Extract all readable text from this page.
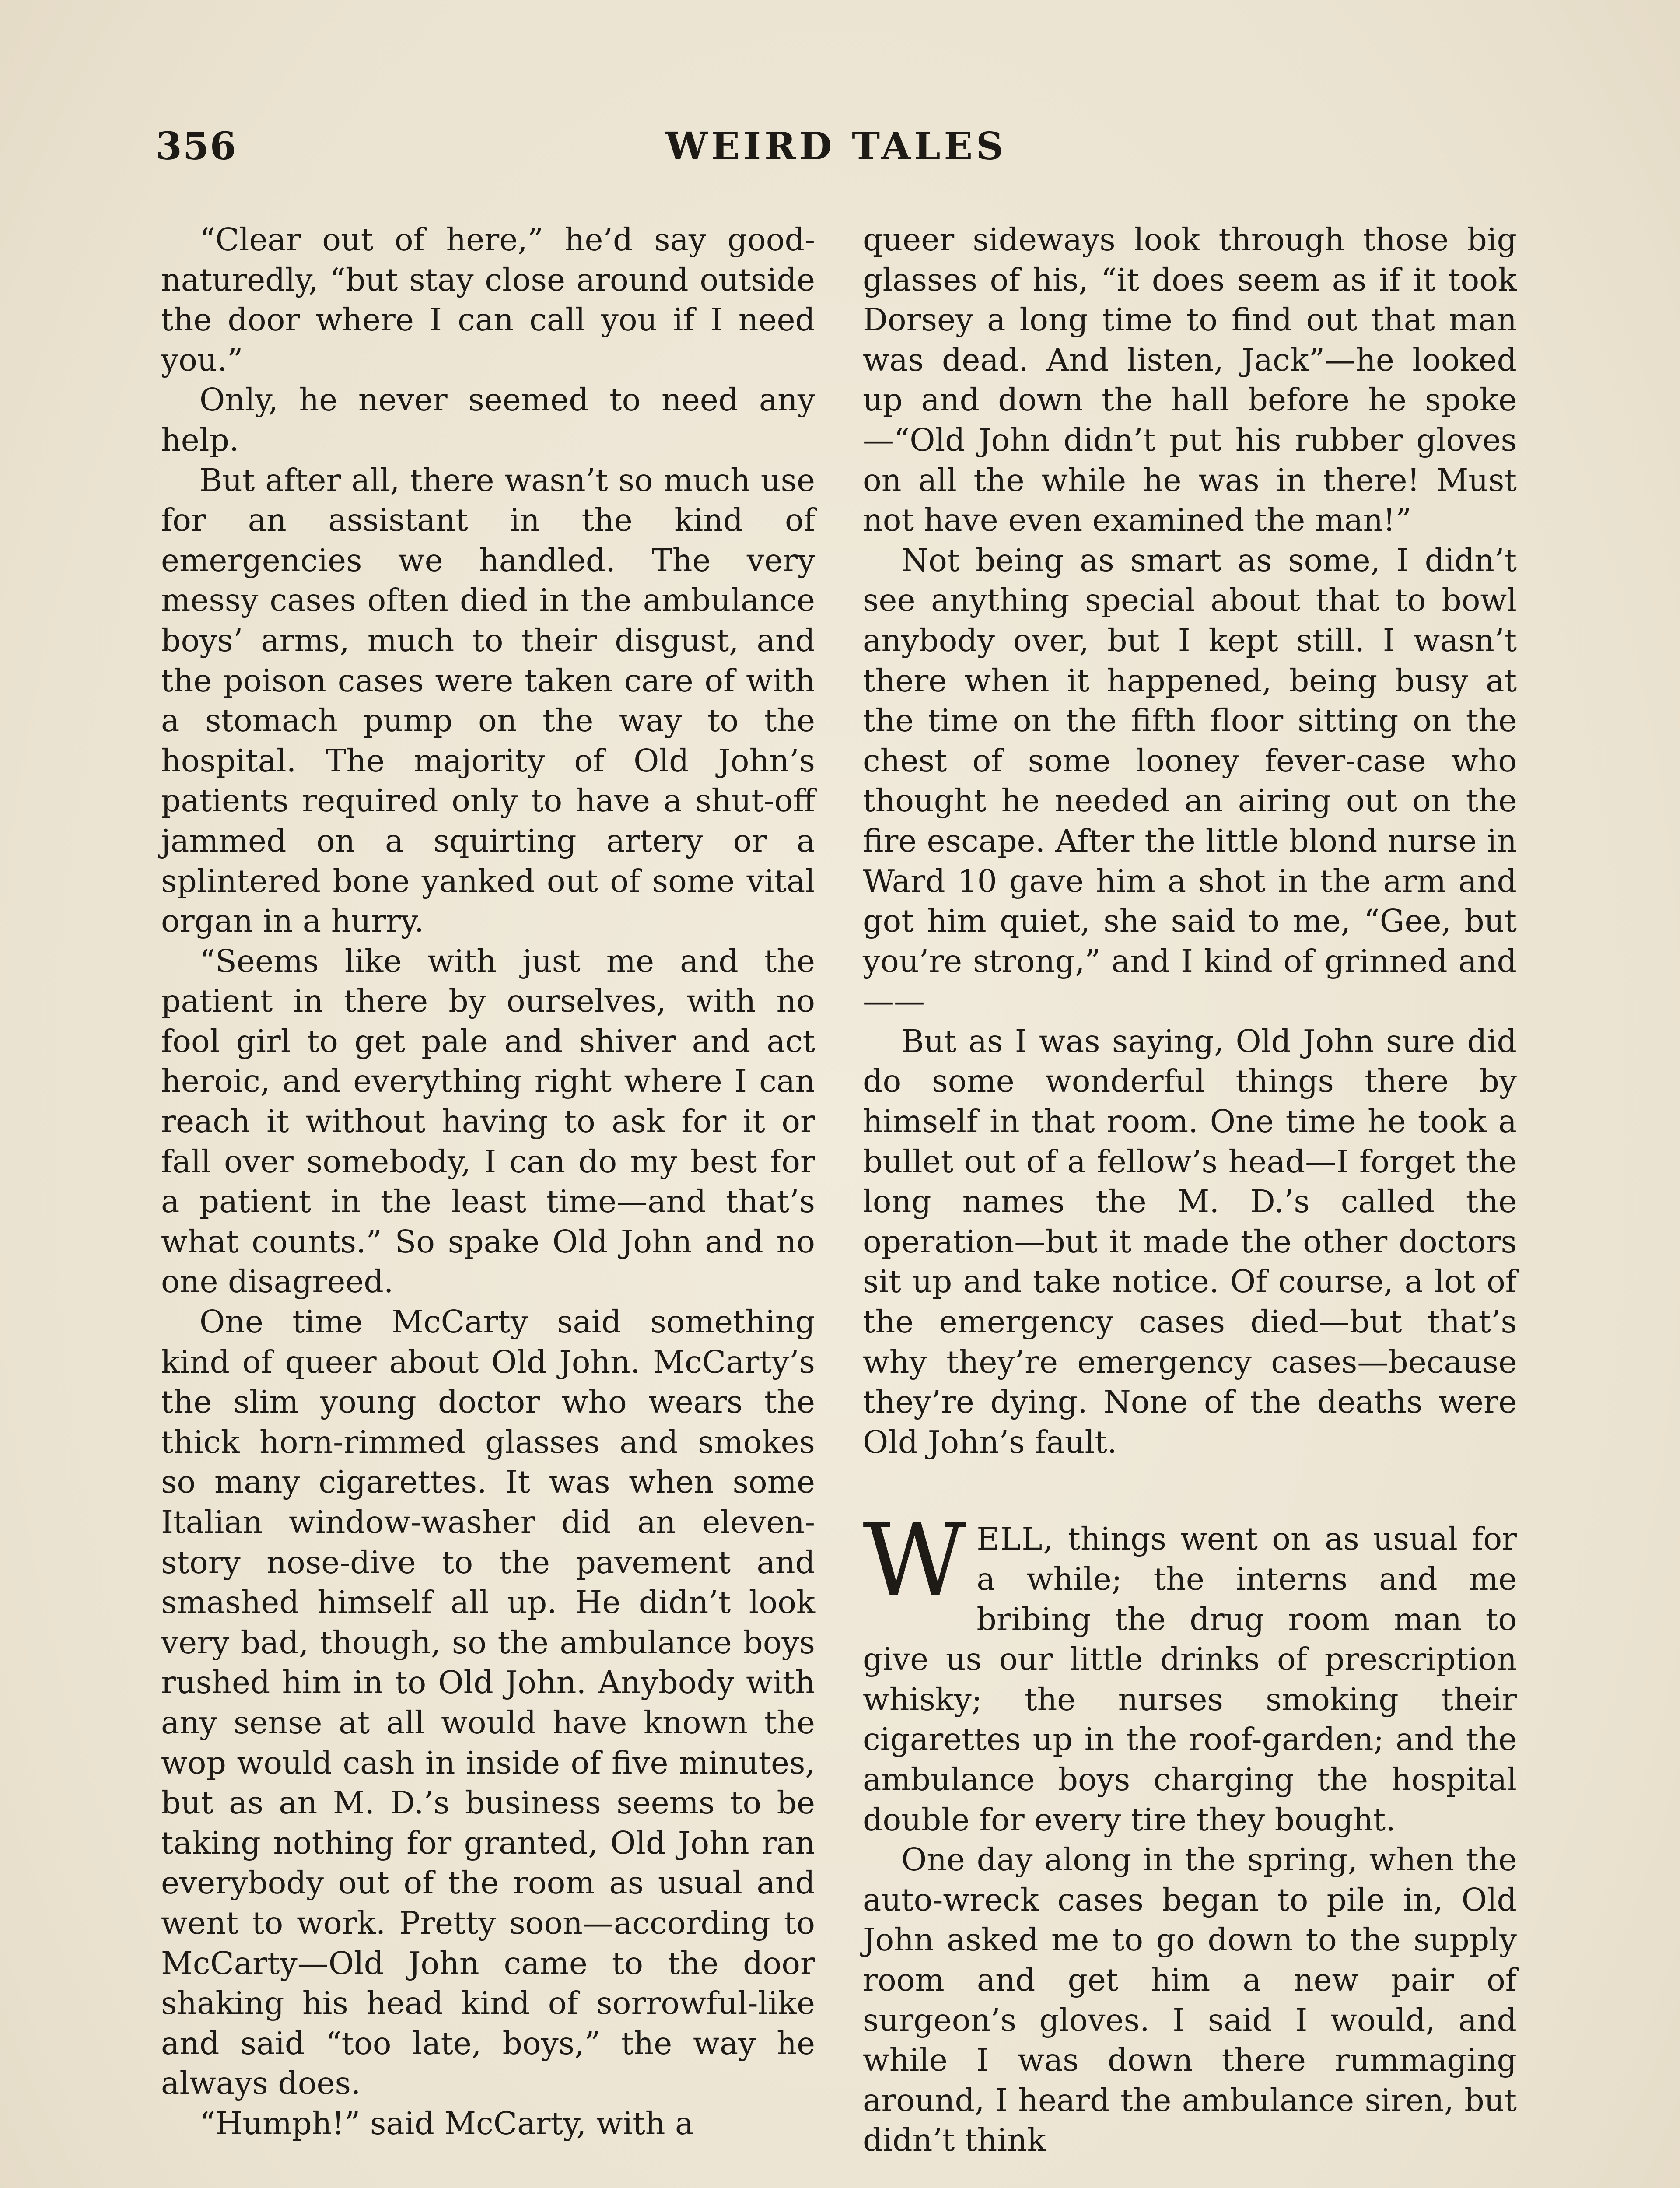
356	WEIRD TALES

“Clear out of here,” he’d say good-naturedly, “but stay close around outside the door where I can call you if I need you.”

Only, he never seemed to need any help.

But after all, there wasn’t so much use for an assistant in the kind of emergencies we handled. The very messy cases often died in the ambulance boys’ arms, much to their disgust, and the poison cases were taken care of with a stomach pump on the way to the hospital. The majority of Old John’s patients required only to have a shut-off jammed on a squirting artery or a splintered bone yanked out of some vital organ in a hurry.

“Seems like with just me and the patient in there by ourselves, with no fool girl to get pale and shiver and act heroic, and everything right where I can reach it without having to ask for it or fall over somebody, I can do my best for a patient in the least time—and that’s what counts.” So spake Old John and no one disagreed.

One time McCarty said something kind of queer about Old John. McCarty’s the slim young doctor who wears the thick horn-rimmed glasses and smokes so many cigarettes. It was when some Italian window-washer did an eleven-story nose-dive to the pavement and smashed himself all up. He didn’t look very bad, though, so the ambulance boys rushed him in to Old John. Anybody with any sense at all would have known the wop would cash in inside of five minutes, but as an M. D.’s business seems to be taking nothing for granted, Old John ran everybody out of the room as usual and went to work. Pretty soon—according to McCarty—Old John came to the door shaking his head kind of sorrowful-like and said “too late, boys,” the way he always does.

“Humph!” said McCarty, with a

queer sideways look through those big glasses of his, “it does seem as if it took Dorsey a long time to find out that man was dead. And listen, Jack”—he looked up and down the hall before he spoke—“Old John didn’t put his rubber gloves on all the while he was in there! Must not have even examined the man!”

Not being as smart as some, I didn’t see anything special about that to bowl anybody over, but I kept still. I wasn’t there when it happened, being busy at the time on the fifth floor sitting on the chest of some looney fever-case who thought he needed an airing out on the fire escape. After the little blond nurse in Ward 10 gave him a shot in the arm and got him quiet, she said to me, “Gee, but you’re strong,” and I kind of grinned and——

But as I was saying, Old John sure did do some wonderful things there by himself in that room. One time he took a bullet out of a fellow’s head—I forget the long names the M. D.’s called the operation—but it made the other doctors sit up and take notice. Of course, a lot of the emergency cases died—but that’s why they’re emergency cases—because they’re dying. None of the deaths were Old John’s fault.

WELL, things went on as usual for a while; the interns and me bribing the drug room man to give us our little drinks of prescription whisky; the nurses smoking their cigarettes up in the roof-garden; and the ambulance boys charging the hospital double for every tire they bought.

One day along in the spring, when the auto-wreck cases began to pile in, Old John asked me to go down to the supply room and get him a new pair of surgeon’s gloves. I said I would, and while I was down there rummaging around, I heard the ambulance siren, but didn’t think
